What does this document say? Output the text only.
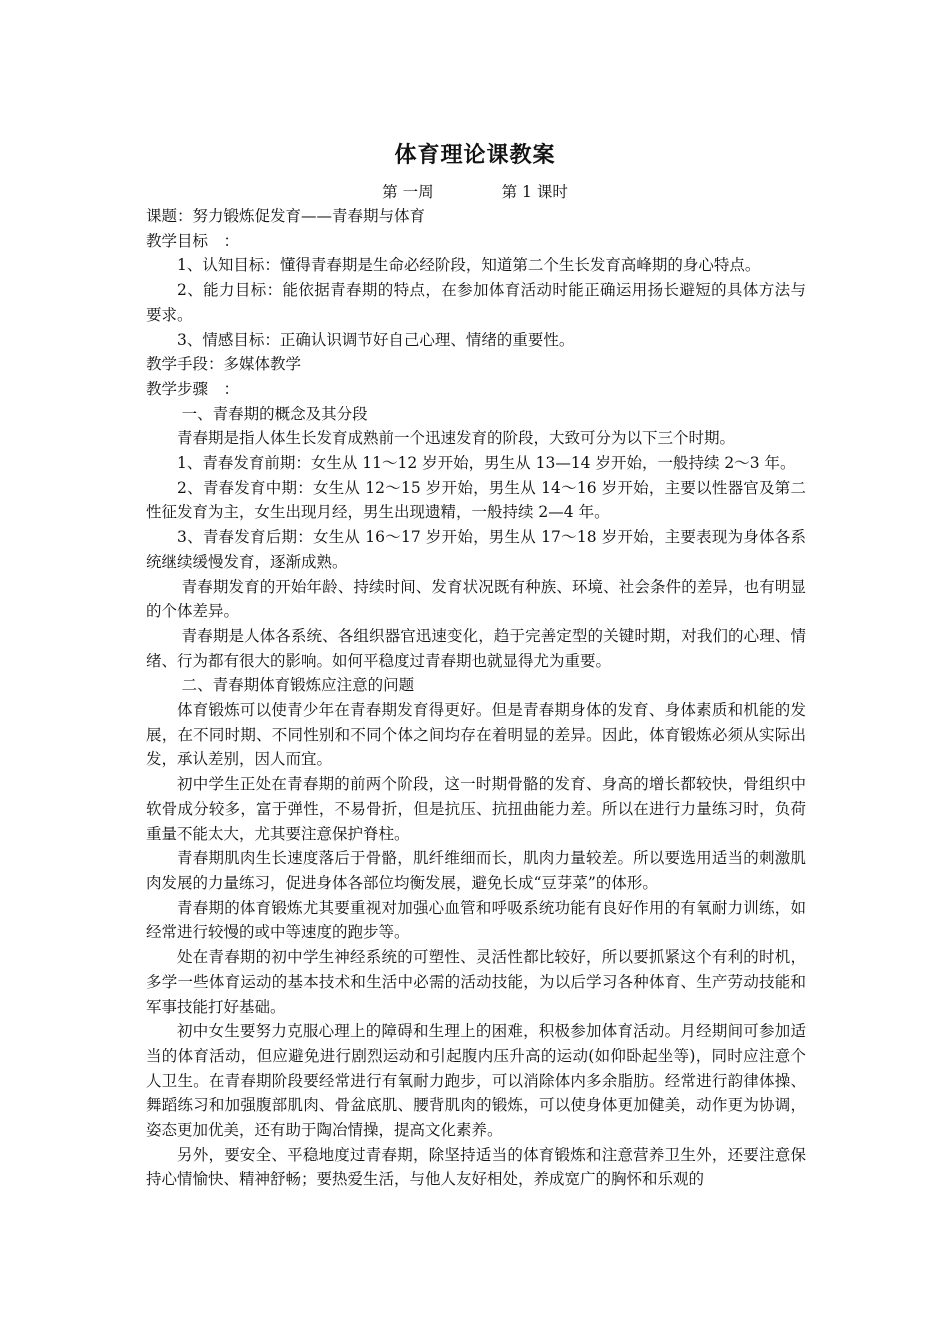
体育理论课教案
第 一周	第 1 课时

课题：努力锻炼促发育——青春期与体育

教学目标　：

1、认知目标：懂得青春期是生命必经阶段，知道第二个生长发育高峰期的身心特点。

2、能力目标：能依据青春期的特点，在参加体育活动时能正确运用扬长避短的具体方法与要求。

3、情感目标：正确认识调节好自己心理、情绪的重要性。

教学手段：多媒体教学

教学步骤　：

一、青春期的概念及其分段

青春期是指人体生长发育成熟前一个迅速发育的阶段，大致可分为以下三个时期。

1、青春发育前期：女生从 11～12 岁开始，男生从 13—14 岁开始，一般持续 2～3 年。

2、青春发育中期：女生从 12～15 岁开始，男生从 14～16 岁开始，主要以性器官及第二性征发育为主，女生出现月经，男生出现遗精，一般持续 2—4 年。

3、青春发育后期：女生从 16～17 岁开始，男生从 17～18 岁开始，主要表现为身体各系统继续缓慢发育，逐渐成熟。

青春期发育的开始年龄、持续时间、发育状况既有种族、环境、社会条件的差异，也有明显的个体差异。

青春期是人体各系统、各组织器官迅速变化，趋于完善定型的关键时期，对我们的心理、情绪、行为都有很大的影响。如何平稳度过青春期也就显得尤为重要。

二、青春期体育锻炼应注意的问题

体育锻炼可以使青少年在青春期发育得更好。但是青春期身体的发育、身体素质和机能的发展，在不同时期、不同性别和不同个体之间均存在着明显的差异。因此，体育锻炼必须从实际出发，承认差别，因人而宜。

初中学生正处在青春期的前两个阶段，这一时期骨骼的发育、身高的增长都较快，骨组织中软骨成分较多，富于弹性，不易骨折，但是抗压、抗扭曲能力差。所以在进行力量练习时，负荷重量不能太大，尤其要注意保护脊柱。

青春期肌肉生长速度落后于骨骼，肌纤维细而长，肌肉力量较差。所以要选用适当的刺激肌肉发展的力量练习，促进身体各部位均衡发展，避免长成“豆芽菜”的体形。

青春期的体育锻炼尤其要重视对加强心血管和呼吸系统功能有良好作用的有氧耐力训练，如经常进行较慢的或中等速度的跑步等。

处在青春期的初中学生神经系统的可塑性、灵活性都比较好，所以要抓紧这个有利的时机，多学一些体育运动的基本技术和生活中必需的活动技能，为以后学习各种体育、生产劳动技能和军事技能打好基础。

初中女生要努力克服心理上的障碍和生理上的困难，积极参加体育活动。月经期间可参加适当的体育活动，但应避免进行剧烈运动和引起腹内压升高的运动(如仰卧起坐等)，同时应注意个人卫生。在青春期阶段要经常进行有氧耐力跑步，可以消除体内多余脂肪。经常进行韵律体操、舞蹈练习和加强腹部肌肉、骨盆底肌、腰背肌肉的锻炼，可以使身体更加健美，动作更为协调，姿态更加优美，还有助于陶冶情操，提高文化素养。

另外，要安全、平稳地度过青春期，除坚持适当的体育锻炼和注意营养卫生外，还要注意保持心情愉快、精神舒畅；要热爱生活，与他人友好相处，养成宽广的胸怀和乐观的
